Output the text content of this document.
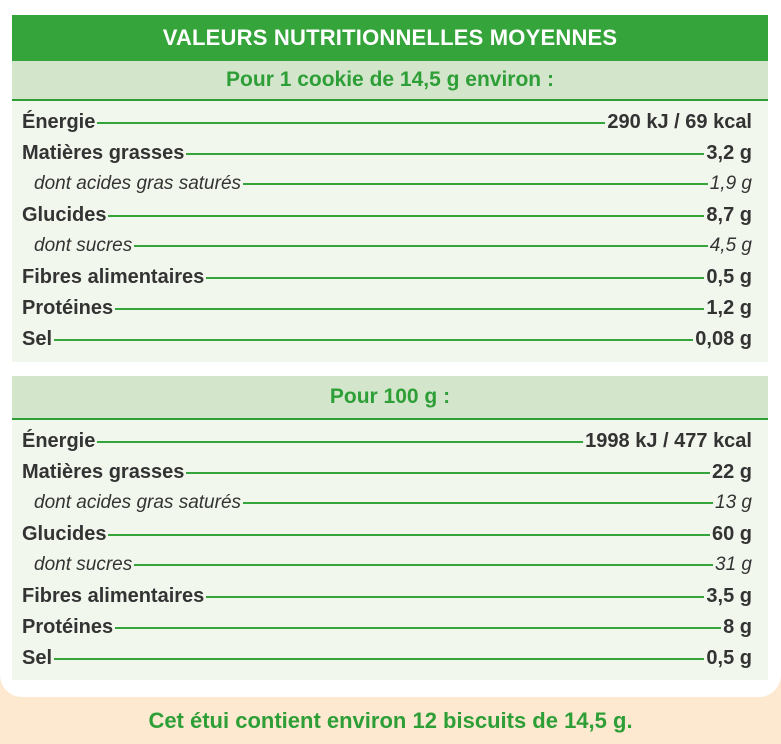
VALEURS NUTRITIONNELLES MOYENNES
Pour 1 cookie de 14,5 g environ :
Énergie	290 kJ / 69 kcal
Matières grasses	3,2 g
dont acides gras saturés	1,9 g
Glucides	8,7 g
dont sucres	4,5 g
Fibres alimentaires	0,5 g
Protéines	1,2 g
Sel	0,08 g
Pour 100 g :
Énergie	1998 kJ / 477 kcal
Matières grasses	22 g
dont acides gras saturés	13 g
Glucides	60 g
dont sucres	31 g
Fibres alimentaires	3,5 g
Protéines	8 g
Sel	0,5 g
Cet étui contient environ 12 biscuits de 14,5 g.
